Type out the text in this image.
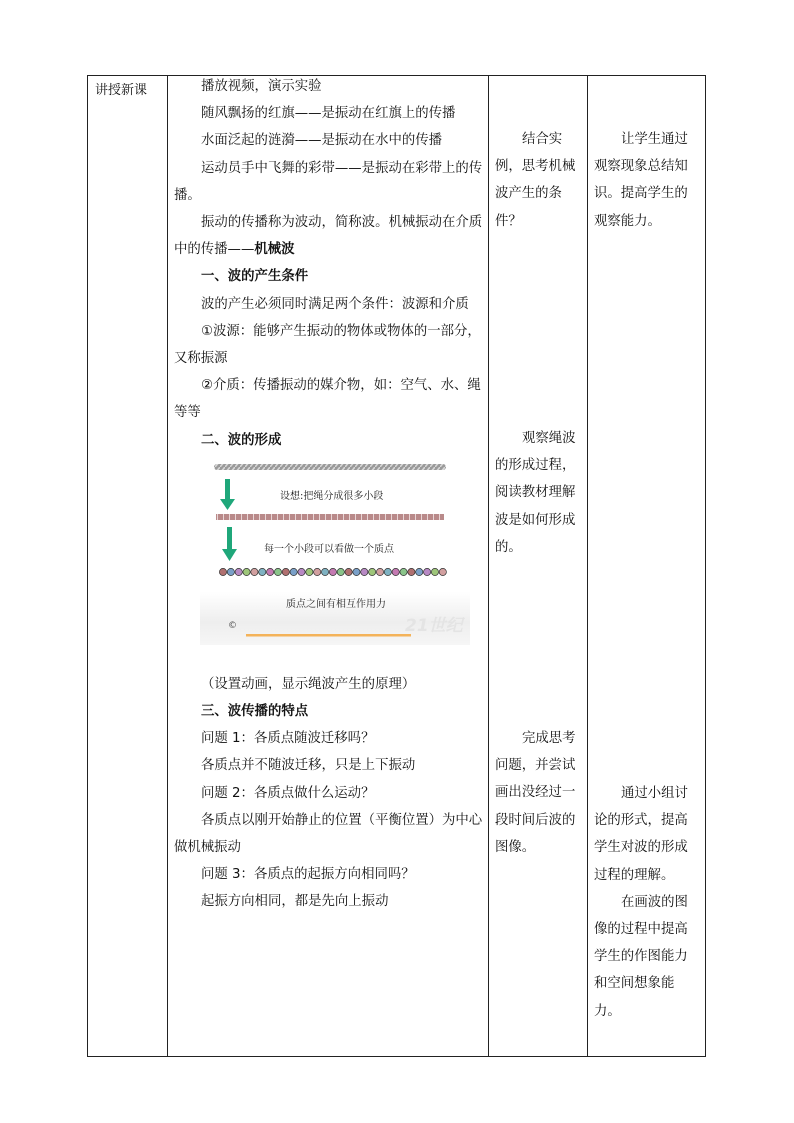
讲授新课	播放视频，演示实验
随风飘扬的红旗——是振动在红旗上的传播
水面泛起的涟漪——是振动在水中的传播
运动员手中飞舞的彩带——是振动在彩带上的传播。
振动的传播称为波动，简称波。机械振动在介质中的传播——机械波
一、波的产生条件
波的产生必须同时满足两个条件：波源和介质
①波源：能够产生振动的物体或物体的一部分，又称振源
②介质：传播振动的媒介物，如：空气、水、绳 等等
二、波的形成
（设置动画，显示绳波产生的原理）
三、波传播的特点
问题 1：各质点随波迁移吗？
各质点并不随波迁移，只是上下振动
问题 2：各质点做什么运动？
各质点以刚开始静止的位置（平衡位置）为中心做机械振动
问题 3：各质点的起振方向相同吗？
起振方向相同，都是先向上振动
©	21世纪
设想:把绳分成很多小段
每一个小段可以看做一个质点
质点之间有相互作用力
结合实例，思考机械波产生的条件？
观察绳波的形成过程，阅读教材理解波是如何形成的。
完成思考问题，并尝试画出没经过一段时间后波的图像。
让学生通过观察现象总结知识。提高学生的观察能力。
通过小组讨论的形式，提高学生对波的形成过程的理解。
在画波的图像的过程中提高学生的作图能力和空间想象能力。
